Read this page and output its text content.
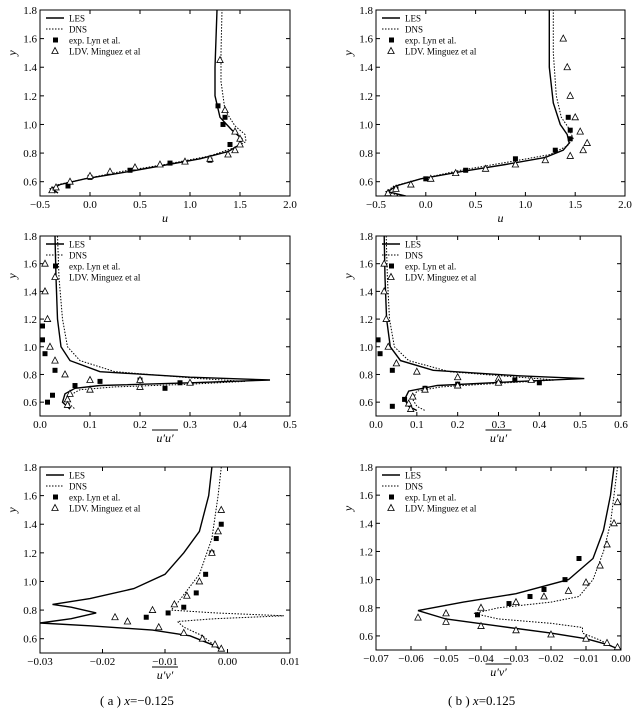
−0.5	0.0	0.5	1.0	1.5	2.0
0.6
0.8
1.0
1.2
1.4
1.6
1.8
u
y
LES
DNS
exp. Lyn et al.
LDV. Minguez et al
−0.5	0.0	0.5	1.0	1.5	2.0
0.6
0.8
1.0
1.2
1.4
1.6
1.8
u
y
LES
DNS
exp. Lyn et al.
LDV. Minguez et al
0.0	0.1	0.2	0.3	0.4	0.5
0.6
0.8
1.0
1.2
1.4
1.6
1.8
u′u′
y
LES
DNS
exp. Lyn et al.
LDV. Minguez et al
0.0 0.1 0.2 0.3 0.4 0.5 0.6
0.6
0.8
1.0
1.2
1.4
1.6
1.8
u′u′
y
LES
DNS
exp. Lyn et al.
LDV. Minguez et al
−0.03	−0.02	−0.01	0.00	0.01
0.6
0.8
1.0
1.2
1.4
1.6
1.8
u′v′
y
LES
DNS
exp. Lyn et al.
LDV. Minguez et al
−0.07 −0.06 −0.05 −0.04 −0.03 −0.02 −0.01 0.00
0.6
0.8
1.0
1.2
1.4
1.6
1.8
u′v′
y
LES
DNS
exp. Lyn et al.
LDV. Minguez et al
( a ) x=−0.125	( b ) x=0.125
